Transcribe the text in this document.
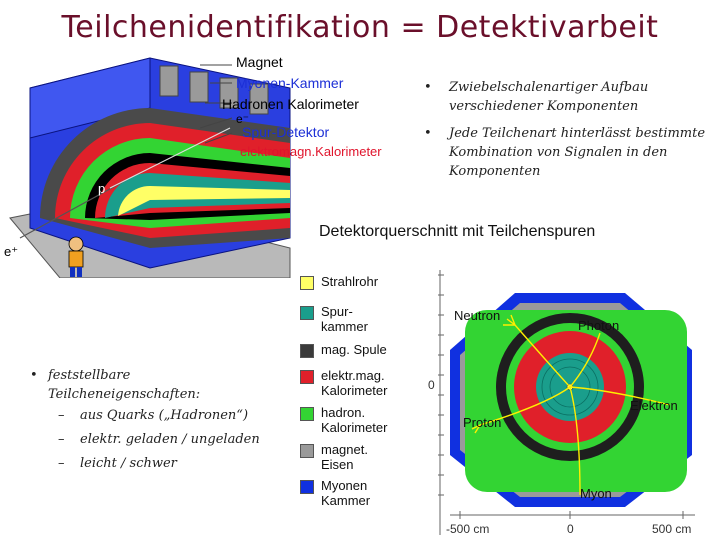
Teilchenidentifikation = Detektivarbeit
Magnet
Myonen-Kammer
Hadronen Kalorimeter
e⁻
Spur-Detektor
elektromagn.Kalorimeter
p
e⁺
• Zwiebelschalenartiger Aufbau verschiedener Komponenten
• Jede Teilchenart hinterlässt bestimmte Kombination von Signalen in den Komponenten
• feststellbare Teilcheneigenschaften:
– aus Quarks („Hadronen“)
– elektr. geladen / ungeladen
– leicht / schwer
Detektorquerschnitt mit Teilchenspuren
Strahlrohr
Spur-
kammer
mag. Spule
elektr.mag.
Kalorimeter
hadron.
Kalorimeter
magnet.
Eisen
Myonen
Kammer
Neutron
Photon
Elektron
Proton
Myon
0
-500 cm	0	500 cm
